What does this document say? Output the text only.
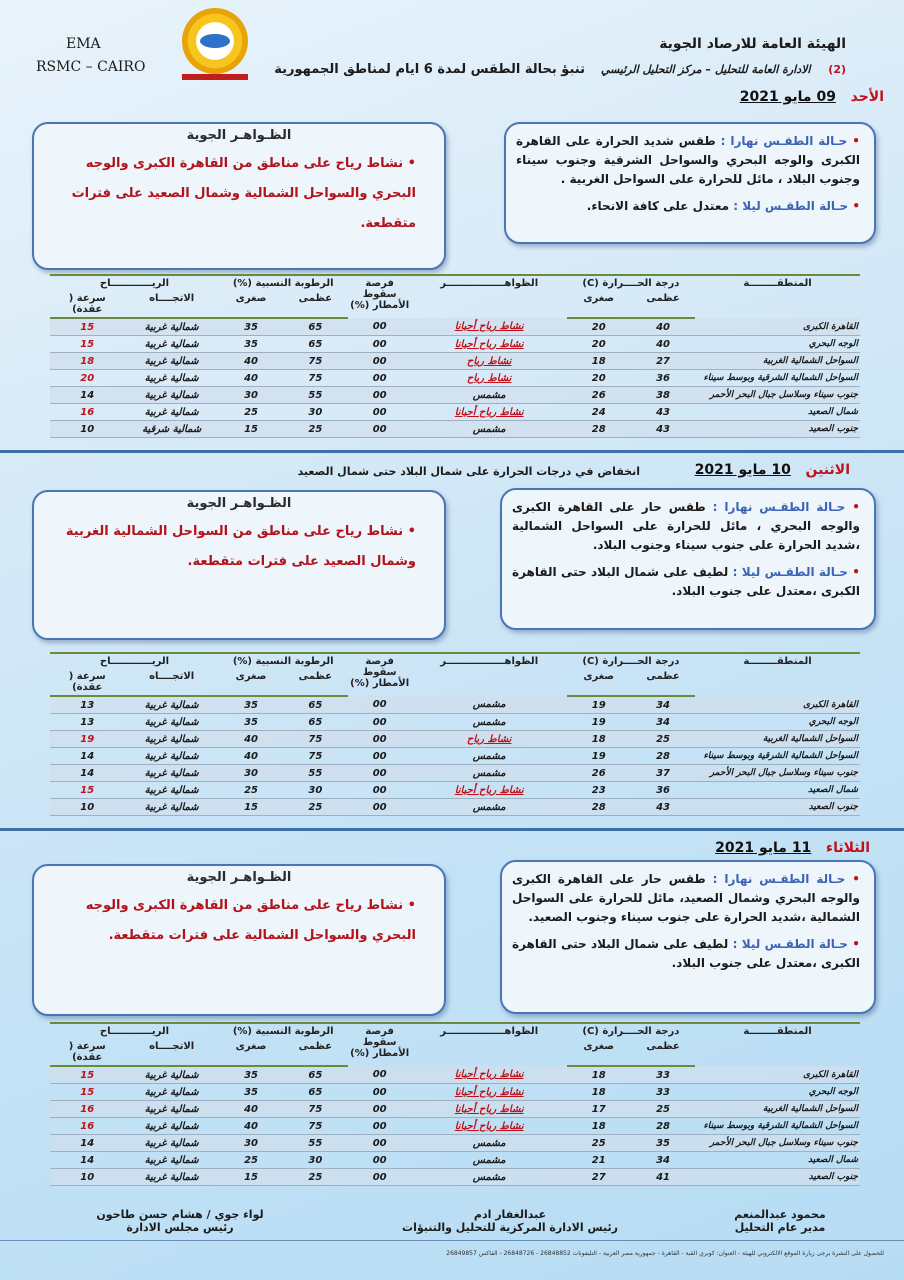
EMA
RSMC – CAIRO
الهيئة العامة للارصاد الجوية
(2) الادارة العامة للتحليل – مركز التحليل الرئيسي تنبؤ بحالة الطقس لمدة 6 ايام لمناطق الجمهورية
الأحد   09 مايو 2021
الظـواهـر الجوية
• نشاط رياح على مناطق من القاهرة الكبرى والوجه البحري والسواحل الشمالية وشمال الصعيد على فترات متقطعة.
• حـالة الطقـس نهارا : طقس شديد الحرارة على القاهرة الكبرى والوجه البحري والسواحل الشرقية وجنوب سيناء وجنوب البلاد ، مائل للحرارة على السواحل الغربية .
• حـالة الطقـس ليلا : معتدل على كافة الانحاء.
المنطقــــــــة	درجة الحــــرارة (C)		الظواهـــــــــــــــــر	فرصة سقوط الأمطار (%)	الرطوبة النسبية (%)		الريــــــــــــاح	
	عظمى	صغرى			عظمى	صغرى	الاتجــــاه	سرعة ( عقدة)
القاهرة الكبرى	40	20	نشاط رياح أحيانا	00	65	35	شمالية غربية	15
الوجه البحري	40	20	نشاط رياح أحيانا	00	65	35	شمالية غربية	15
السواحل الشمالية الغربية	27	18	نشاط رياح	00	75	40	شمالية غربية	18
السواحل الشمالية الشرقية وبوسط سيناء	36	20	نشاط رياح	00	75	40	شمالية غربية	20
جنوب سيناء وسلاسل جبال البحر الأحمر	38	26	مشمس	00	55	30	شمالية غربية	14
شمال الصعيد	43	24	نشاط رياح أحيانا	00	30	25	شمالية غربية	16
جنوب الصعيد	43	28	مشمس	00	25	15	شمالية شرقية	10
الاثنين   10 مايو 2021
انخفاض في درجات الحرارة على شمال البلاد حتى شمال الصعيد
الظـواهـر الجوية
• نشاط رياح على مناطق من السواحل الشمالية الغربية وشمال الصعيد على فترات متقطعة.
• حـالة الطقـس نهارا : طقس حار على القاهرة الكبرى والوجه البحري ، مائل للحرارة على السواحل الشمالية ،شديد الحرارة على جنوب سيناء وجنوب البلاد.
• حـالة الطقـس ليلا : لطيف على شمال البلاد حتى القاهرة الكبرى ،معتدل على جنوب البلاد.
المنطقــــــــة	درجة الحــــرارة (C)		الظواهـــــــــــــــــر	فرصة سقوط الأمطار (%)	الرطوبة النسبية (%)		الريــــــــــــاح	
	عظمى	صغرى			عظمى	صغرى	الاتجــــاه	سرعة ( عقدة)
القاهرة الكبرى	34	19	مشمس	00	65	35	شمالية غربية	13
الوجه البحري	34	19	مشمس	00	65	35	شمالية غربية	13
السواحل الشمالية الغربية	25	18	نشاط رياح	00	75	40	شمالية غربية	19
السواحل الشمالية الشرقية وبوسط سيناء	28	19	مشمس	00	75	40	شمالية غربية	14
جنوب سيناء وسلاسل جبال البحر الأحمر	37	26	مشمس	00	55	30	شمالية غربية	14
شمال الصعيد	36	23	نشاط رياح أحيانا	00	30	25	شمالية غربية	15
جنوب الصعيد	43	28	مشمس	00	25	15	شمالية غربية	10
الثلاثاء   11 مايو 2021
الظـواهـر الجوية
• نشاط رياح على مناطق من القاهرة الكبرى والوجه البحري والسواحل الشمالية على فترات متقطعة.
• حـالة الطقـس نهارا : طقس حار على القاهرة الكبرى والوجه البحري وشمال الصعيد، مائل للحرارة على السواحل الشمالية ،شديد الحرارة على جنوب سيناء وجنوب الصعيد.
• حـالة الطقـس ليلا : لطيف على شمال البلاد حتى القاهرة الكبرى ،معتدل على جنوب البلاد.
المنطقــــــــة	درجة الحــــرارة (C)		الظواهـــــــــــــــــر	فرصة سقوط الأمطار (%)	الرطوبة النسبية (%)		الريــــــــــــاح	
	عظمى	صغرى			عظمى	صغرى	الاتجــــاه	سرعة ( عقدة)
القاهرة الكبرى	33	18	نشاط رياح أحيانا	00	65	35	شمالية غربية	15
الوجه البحري	33	18	نشاط رياح أحيانا	00	65	35	شمالية غربية	15
السواحل الشمالية الغربية	25	17	نشاط رياح أحيانا	00	75	40	شمالية غربية	16
السواحل الشمالية الشرقية وبوسط سيناء	28	18	نشاط رياح أحيانا	00	75	40	شمالية غربية	16
جنوب سيناء وسلاسل جبال البحر الأحمر	35	25	مشمس	00	55	30	شمالية غربية	14
شمال الصعيد	34	21	مشمس	00	30	25	شمالية غربية	14
جنوب الصعيد	41	27	مشمس	00	25	15	شمالية غربية	10
لواء جوي / هشام حسن طاحون
رئيس مجلس الادارة
عبدالغفار ادم
رئيس الادارة المركزية للتحليل والتنبؤات
محمود عبدالمنعم
مدير عام التحليل
للحصول على النشرة يرجى زيارة الموقع الالكتروني للهيئة - العنوان: كوبري القبة - القاهرة - جمهورية مصر العربية - التليفونات 26848852 - 26848726 - الفاكس 26849857
